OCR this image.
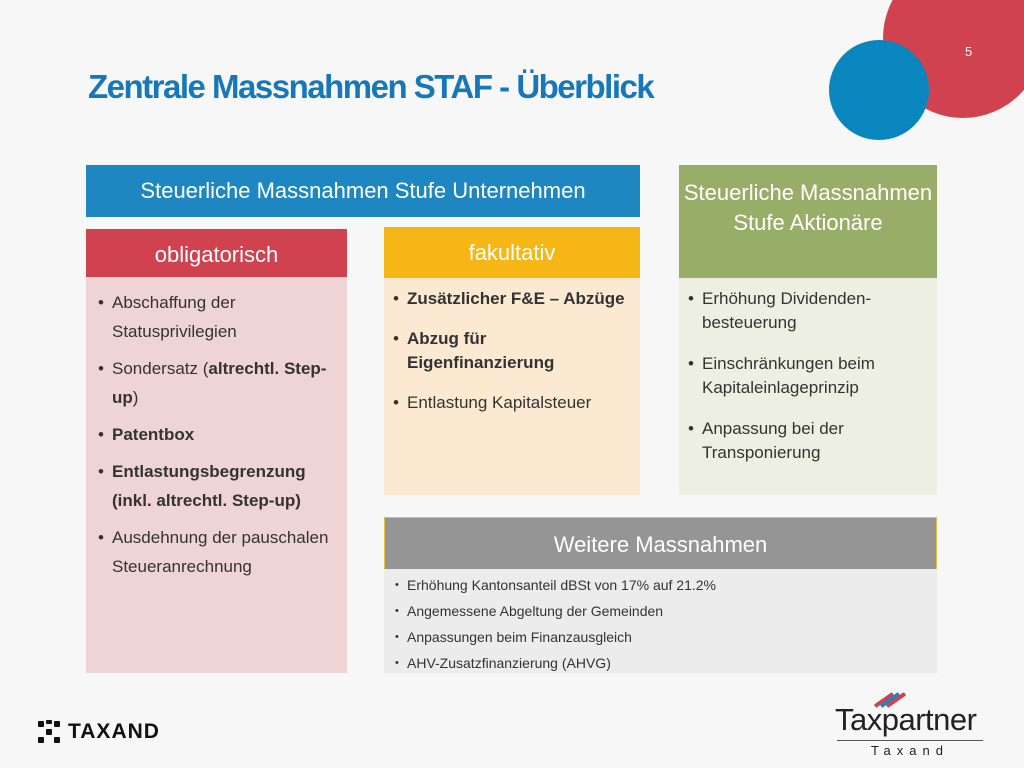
5
Zentrale Massnahmen STAF - Überblick
Steuerliche Massnahmen Stufe Unternehmen	Steuerliche Massnahmen Stufe Aktionäre
obligatorisch	fakultativ
Weitere Massnahmen
• Abschaffung der Statusprivilegien
• Sondersatz (altrechtl. Step-up)
• Patentbox
• Entlastungsbegrenzung (inkl. altrechtl. Step-up)
• Ausdehnung der pauschalen Steueranrechnung
• Zusätzlicher F&E – Abzüge
• Abzug für Eigenfinanzierung
• Entlastung Kapitalsteuer
• Erhöhung Dividenden-besteuerung
• Einschränkungen beim Kapitaleinlageprinzip
• Anpassung bei der Transponierung
• Erhöhung Kantonsanteil dBSt von 17% auf 21.2%
• Angemessene Abgeltung der Gemeinden
• Anpassungen beim Finanzausgleich
• AHV-Zusatzfinanzierung (AHVG)
TAXAND	Taxpartner
Taxand
